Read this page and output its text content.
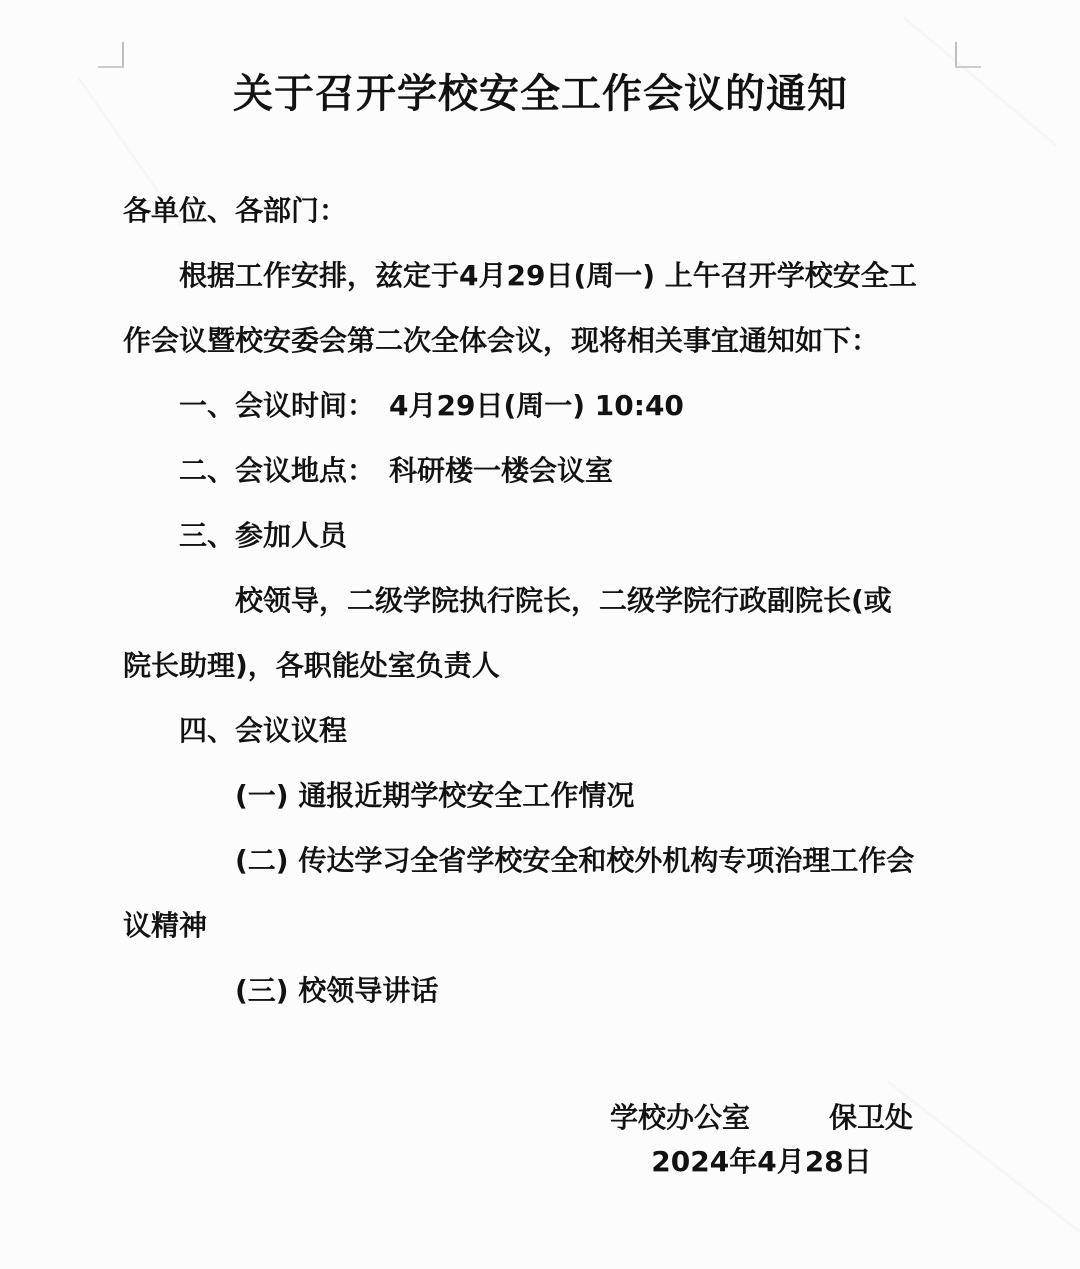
关于召开学校安全工作会议的通知

各单位、各部门：

根据工作安排，兹定于4月29日(周一) 上午召开学校安全工

作会议暨校安委会第二次全体会议，现将相关事宜通知如下：

一、会议时间：　4月29日(周一) 10:40

二、会议地点：　科研楼一楼会议室

三、参加人员

校领导，二级学院执行院长，二级学院行政副院长(或

院长助理)，各职能处室负责人

四、会议议程

(一) 通报近期学校安全工作情况

(二) 传达学习全省学校安全和校外机构专项治理工作会

议精神

(三) 校领导讲话

学校办公室	保卫处
2024年4月28日
